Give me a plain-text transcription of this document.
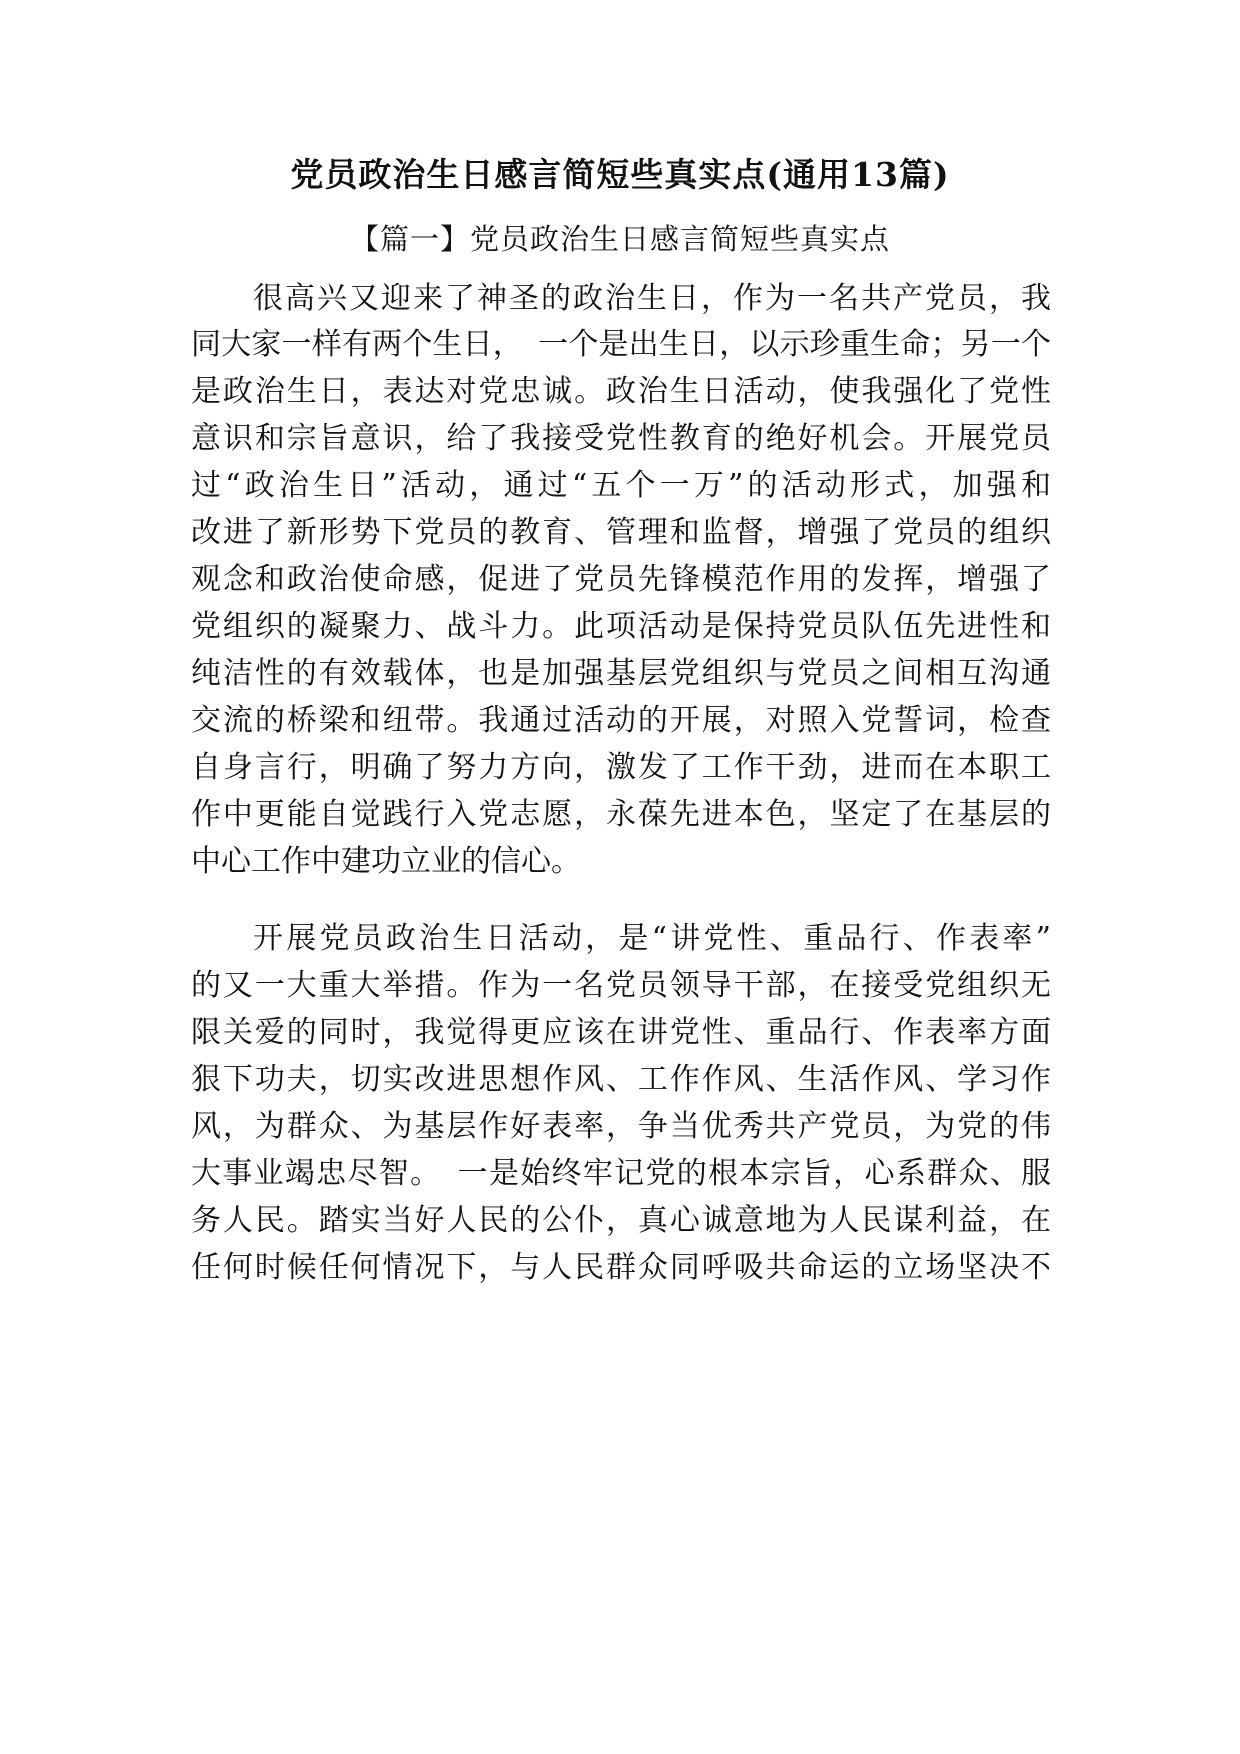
党员政治生日感言简短些真实点(通用13篇)
【篇一】党员政治生日感言简短些真实点
很高兴又迎来了神圣的政治生日，作为一名共产党员，我
同大家一样有两个生日，　一个是出生日，以示珍重生命；另一个
是政治生日，表达对党忠诚。政治生日活动，使我强化了党性
意识和宗旨意识，给了我接受党性教育的绝好机会。开展党员
过“政治生日”活动，通过“五个一万”的活动形式，加强和
改进了新形势下党员的教育、管理和监督，增强了党员的组织
观念和政治使命感，促进了党员先锋模范作用的发挥，增强了
党组织的凝聚力、战斗力。此项活动是保持党员队伍先进性和
纯洁性的有效载体，也是加强基层党组织与党员之间相互沟通
交流的桥梁和纽带。我通过活动的开展，对照入党誓词，检查
自身言行，明确了努力方向，激发了工作干劲，进而在本职工
作中更能自觉践行入党志愿，永葆先进本色，坚定了在基层的
中心工作中建功立业的信心。
开展党员政治生日活动，是“讲党性、重品行、作表率”
的又一大重大举措。作为一名党员领导干部，在接受党组织无
限关爱的同时，我觉得更应该在讲党性、重品行、作表率方面
狠下功夫，切实改进思想作风、工作作风、生活作风、学习作
风，为群众、为基层作好表率，争当优秀共产党员，为党的伟
大事业竭忠尽智。　一是始终牢记党的根本宗旨，心系群众、服
务人民。踏实当好人民的公仆，真心诚意地为人民谋利益，在
任何时候任何情况下，与人民群众同呼吸共命运的立场坚决不
